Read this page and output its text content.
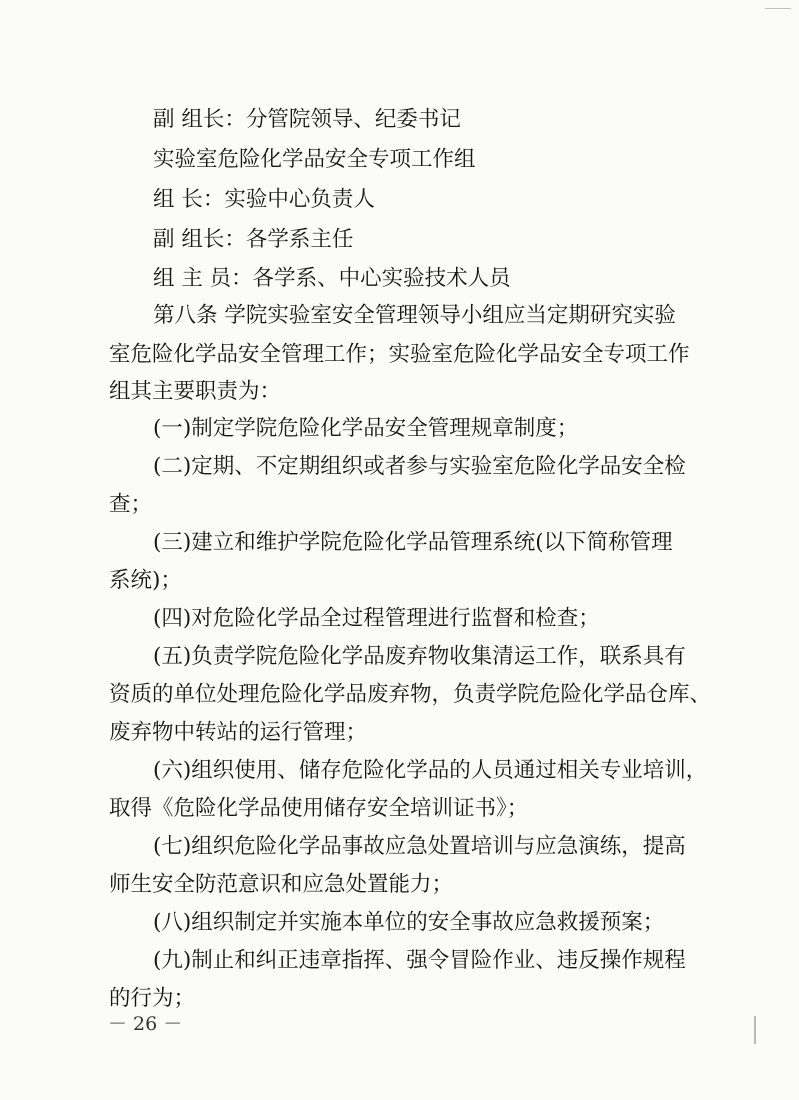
副 组长：分管院领导、纪委书记
实验室危险化学品安全专项工作组
组 长：实验中心负责人
副 组长：各学系主任
组 主 员：各学系、中心实验技术人员
第八条 学院实验室安全管理领导小组应当定期研究实验
室危险化学品安全管理工作；实验室危险化学品安全专项工作
组其主要职责为：
(一)制定学院危险化学品安全管理规章制度；
(二)定期、不定期组织或者参与实验室危险化学品安全检
查；
(三)建立和维护学院危险化学品管理系统(以下简称管理
系统)；
(四)对危险化学品全过程管理进行监督和检查；
(五)负责学院危险化学品废弃物收集清运工作，联系具有
资质的单位处理危险化学品废弃物，负责学院危险化学品仓库、
废弃物中转站的运行管理；
(六)组织使用、储存危险化学品的人员通过相关专业培训，
取得《危险化学品使用储存安全培训证书》；
(七)组织危险化学品事故应急处置培训与应急演练，提高
师生安全防范意识和应急处置能力；
(八)组织制定并实施本单位的安全事故应急救援预案；
(九)制止和纠正违章指挥、强令冒险作业、违反操作规程
的行为；
－ 26 －
